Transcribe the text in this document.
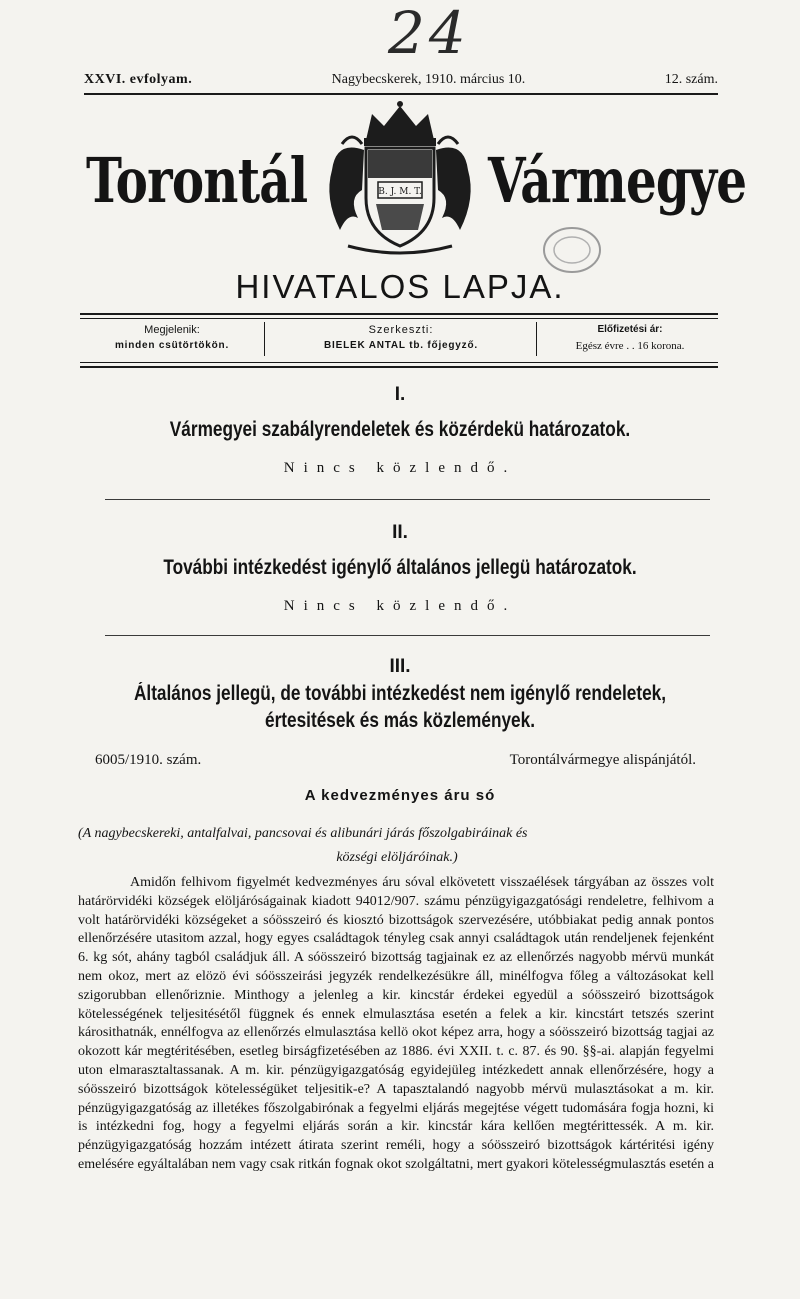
24
XXVI. evfolyam.	Nagybecskerek, 1910. március 10.	12. szám.
Torontál	Vármegye
B. J. M. T.
HIVATALOS LAPJA.
Megjelenik:
minden csütörtökön.
Szerkeszti:
BIELEK ANTAL tb. főjegyző.
Előfizetési ár:
Egész évre . . 16 korona.
I.
Vármegyei szabályrendeletek és közérdekü határozatok.
Nincs közlendő.
II.
További intézkedést igénylő általános jellegü határozatok.
Nincs közlendő.
III.
Általános jellegü, de további intézkedést nem igénylő rendeletek,
értesitések és más közlemények.
6005/1910. szám.	Torontálvármegye alispánjától.
A kedvezményes áru só
(A nagybecskereki, antalfalvai, pancsovai és alibunári járás főszolgabiráinak és
községi elöljáróinak.)
Amidőn felhivom figyelmét kedvezményes áru sóval elkövetett visszaélések tárgyában az összes volt határörvidéki községek elöljáróságainak kiadott 94012/907. számu pénzügyigazgatósági rendeletre, felhivom a volt határörvidéki községeket a sóösszeiró és kiosztó bizottságok szervezésére, utóbbiakat pedig annak pontos ellenőrzésére utasitom azzal, hogy egyes családtagok tényleg csak annyi családtagok után rendeljenek fejenként 6. kg sót, ahány tagból családjuk áll. A sóösszeiró bizottság tagjainak ez az ellenőrzés nagyobb mérvü munkát nem okoz, mert az elözö évi sóösszeirási jegyzék rendelkezésükre áll, minélfogva főleg a változásokat kell szigorubban ellenőriznie. Minthogy a jelenleg a kir. kincstár érdekei egyedül a sóösszeiró bizottságok kötelességének teljesitésétől függnek és ennek elmulasztása esetén a felek a kir. kincstárt tetszés szerint károsithatnák, ennélfogva az ellenőrzés elmulasztása kellö okot képez arra, hogy a sóösszeiró bizottság tagjai az okozott kár megtéritésében, esetleg birságfizetésében az 1886. évi XXII. t. c. 87. és 90. §§-ai. alapján fegyelmi uton elmarasztaltassanak. A m. kir. pénzügyigazgatóság egyidejüleg intézkedett annak ellenőrzésére, hogy a sóösszeiró bizottságok kötelességüket teljesitik-e? A tapasztalandó nagyobb mérvü mulasztásokat a m. kir. pénzügyigazgatóság az illetékes főszolgabirónak a fegyelmi eljárás megejtése végett tudomására fogja hozni, ki is intézkedni fog, hogy a fegyelmi eljárás során a kir. kincstár kára kellően megtérittessék. A m. kir. pénzügyigazgatóság hozzám intézett átirata szerint reméli, hogy a sóösszeiró bizottságok kártéritési igény emelésére egyáltalában nem vagy csak ritkán fognak okot szolgáltatni, mert gyakori kötelességmulasztás esetén a
